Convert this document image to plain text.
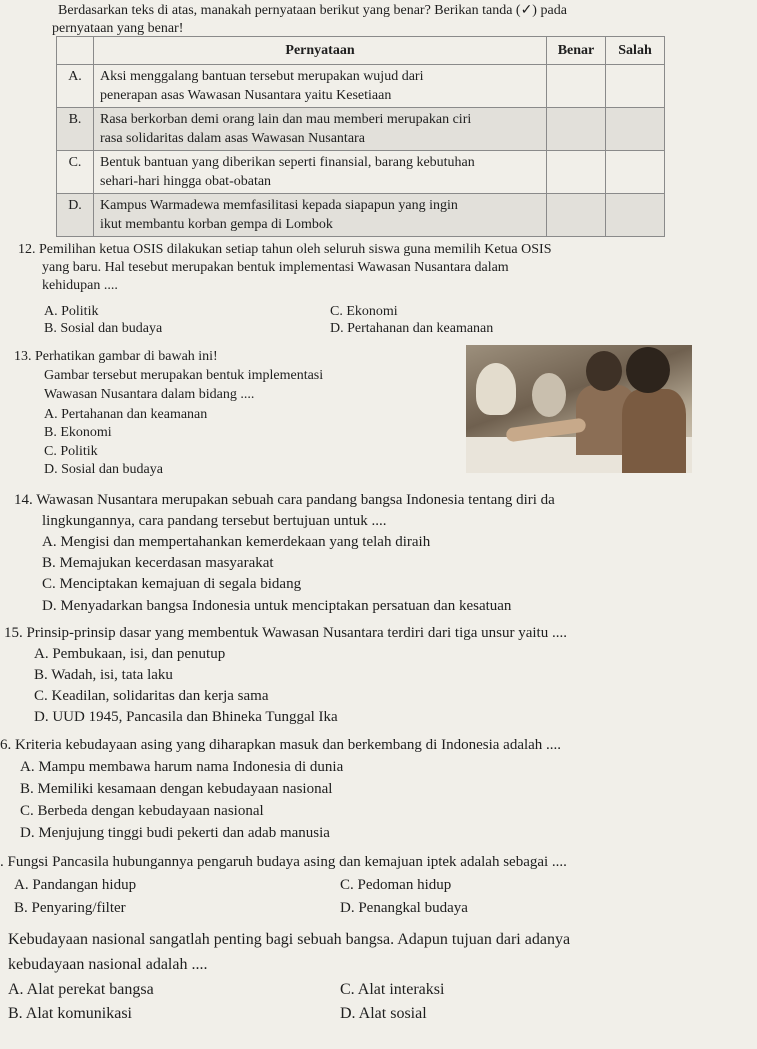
Berdasarkan teks di atas, manakah pernyataan berikut yang benar? Berikan tanda (✓) pada
pernyataan yang benar!
	Pernyataan	Benar	Salah
A.	Aksi menggalang bantuan tersebut merupakan wujud dari
penerapan asas Wawasan Nusantara yaitu Kesetiaan		

B.	Rasa berkorban demi orang lain dan mau memberi merupakan ciri
rasa solidaritas dalam asas Wawasan Nusantara		

C.	Bentuk bantuan yang diberikan seperti finansial, barang kebutuhan
sehari-hari hingga obat-obatan		

D.	Kampus Warmadewa memfasilitasi kepada siapapun yang ingin
ikut membantu korban gempa di Lombok		

12. Pemilihan ketua OSIS dilakukan setiap tahun oleh seluruh siswa guna memilih Ketua OSIS
yang baru. Hal tesebut merupakan bentuk implementasi Wawasan Nusantara dalam
kehidupan ....
A. Politik	C. Ekonomi
B. Sosial dan budaya	D. Pertahanan dan keamanan
13. Perhatikan gambar di bawah ini!
Gambar tersebut merupakan bentuk implementasi
Wawasan Nusantara dalam bidang ....
A. Pertahanan dan keamanan
B. Ekonomi
C. Politik
D. Sosial dan budaya
14. Wawasan Nusantara merupakan sebuah cara pandang bangsa Indonesia tentang diri da
lingkungannya, cara pandang tersebut bertujuan untuk ....
A. Mengisi dan mempertahankan kemerdekaan yang telah diraih
B. Memajukan kecerdasan masyarakat
C. Menciptakan kemajuan di segala bidang
D. Menyadarkan bangsa Indonesia untuk menciptakan persatuan dan kesatuan
15. Prinsip-prinsip dasar yang membentuk Wawasan Nusantara terdiri dari tiga unsur yaitu ....
A. Pembukaan, isi, dan penutup
B. Wadah, isi, tata laku
C. Keadilan, solidaritas dan kerja sama
D. UUD 1945, Pancasila dan Bhineka Tunggal Ika
6. Kriteria kebudayaan asing yang diharapkan masuk dan berkembang di Indonesia adalah ....
A. Mampu membawa harum nama Indonesia di dunia
B. Memiliki kesamaan dengan kebudayaan nasional
C. Berbeda dengan kebudayaan nasional
D. Menjujung tinggi budi pekerti dan adab manusia
. Fungsi Pancasila hubungannya pengaruh budaya asing dan kemajuan iptek adalah sebagai ....
A. Pandangan hidup	C. Pedoman hidup
B. Penyaring/filter	D. Penangkal budaya
Kebudayaan nasional sangatlah penting bagi sebuah bangsa. Adapun tujuan dari adanya
kebudayaan nasional adalah ....
A. Alat perekat bangsa	C. Alat interaksi
B. Alat komunikasi	D. Alat sosial
